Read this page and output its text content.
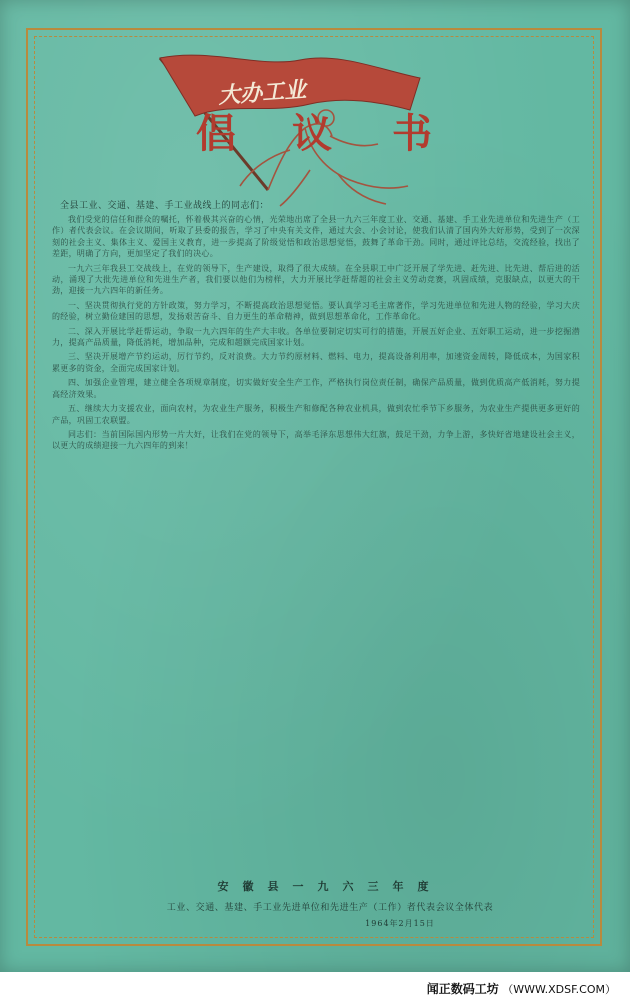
大办工业
倡 议 书
全县工业、交通、基建、手工业战线上的同志们：

我们受党的信任和群众的嘱托，怀着极其兴奋的心情，光荣地出席了全县一九六三年度工业、交通、基建、手工业先进单位和先进生产（工作）者代表会议。在会议期间，听取了县委的报告，学习了中央有关文件，通过大会、小会讨论，使我们认清了国内外大好形势，受到了一次深刻的社会主义、集体主义、爱国主义教育，进一步提高了阶级觉悟和政治思想觉悟，鼓舞了革命干劲。同时，通过评比总结，交流经验，找出了差距，明确了方向，更加坚定了我们的决心。

一九六三年我县工交战线上，在党的领导下，生产建设，取得了很大成绩。在全县职工中广泛开展了学先进、赶先进、比先进、帮后进的活动，涌现了大批先进单位和先进生产者，我们要以他们为榜样，大力开展比学赶帮超的社会主义劳动竞赛，巩固成绩，克服缺点，以更大的干劲，迎接一九六四年的新任务。

一、坚决贯彻执行党的方针政策，努力学习，不断提高政治思想觉悟。要认真学习毛主席著作，学习先进单位和先进人物的经验，学习大庆的经验，树立勤俭建国的思想，发扬艰苦奋斗、自力更生的革命精神，做到思想革命化，工作革命化。

二、深入开展比学赶帮运动，争取一九六四年的生产大丰收。各单位要制定切实可行的措施，开展五好企业、五好职工运动，进一步挖掘潜力，提高产品质量，降低消耗，增加品种，完成和超额完成国家计划。

三、坚决开展增产节约运动，厉行节约，反对浪费。大力节约原材料、燃料、电力，提高设备利用率，加速资金周转，降低成本，为国家积累更多的资金，全面完成国家计划。

四、加强企业管理，建立健全各项规章制度，切实做好安全生产工作，严格执行岗位责任制，确保产品质量，做到优质高产低消耗，努力提高经济效果。

五、继续大力支援农业，面向农村，为农业生产服务，积极生产和修配各种农业机具，做到农忙季节下乡服务，为农业生产提供更多更好的产品，巩固工农联盟。

同志们：当前国际国内形势一片大好，让我们在党的领导下，高举毛泽东思想伟大红旗，鼓足干劲，力争上游，多快好省地建设社会主义，以更大的成绩迎接一九六四年的到来！

安徽县一九六三年度
工业、交通、基建、手工业先进单位和先进生产（工作）者代表会议全体代表
1964年2月15日
闻正数码工坊 （WWW.XDSF.COM）
